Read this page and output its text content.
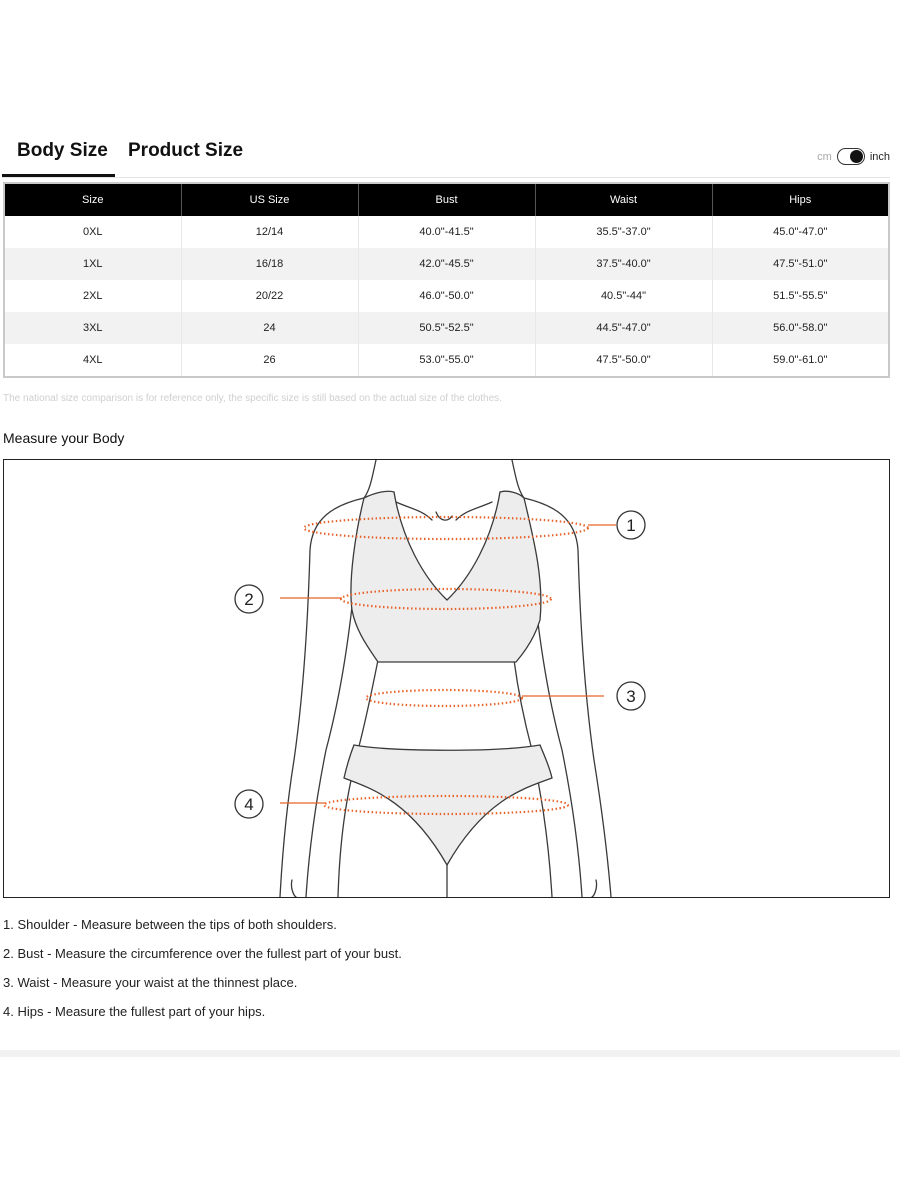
Body Size Product Size	cm	inch
Size	US Size	Bust	Waist	Hips
0XL	12/14	40.0"-41.5"	35.5"-37.0"	45.0"-47.0"
1XL	16/18	42.0"-45.5"	37.5"-40.0"	47.5"-51.0"
2XL	20/22	46.0"-50.0"	40.5"-44"	51.5"-55.5"
3XL	24	50.5"-52.5"	44.5"-47.0"	56.0"-58.0"
4XL	26	53.0"-55.0"	47.5"-50.0"	59.0"-61.0"
The national size comparison is for reference only, the specific size is still based on the actual size of the clothes.
Measure your Body
1
2
3
4
1. Shoulder - Measure between the tips of both shoulders.
2. Bust - Measure the circumference over the fullest part of your bust.
3. Waist - Measure your waist at the thinnest place.
4. Hips - Measure the fullest part of your hips.
